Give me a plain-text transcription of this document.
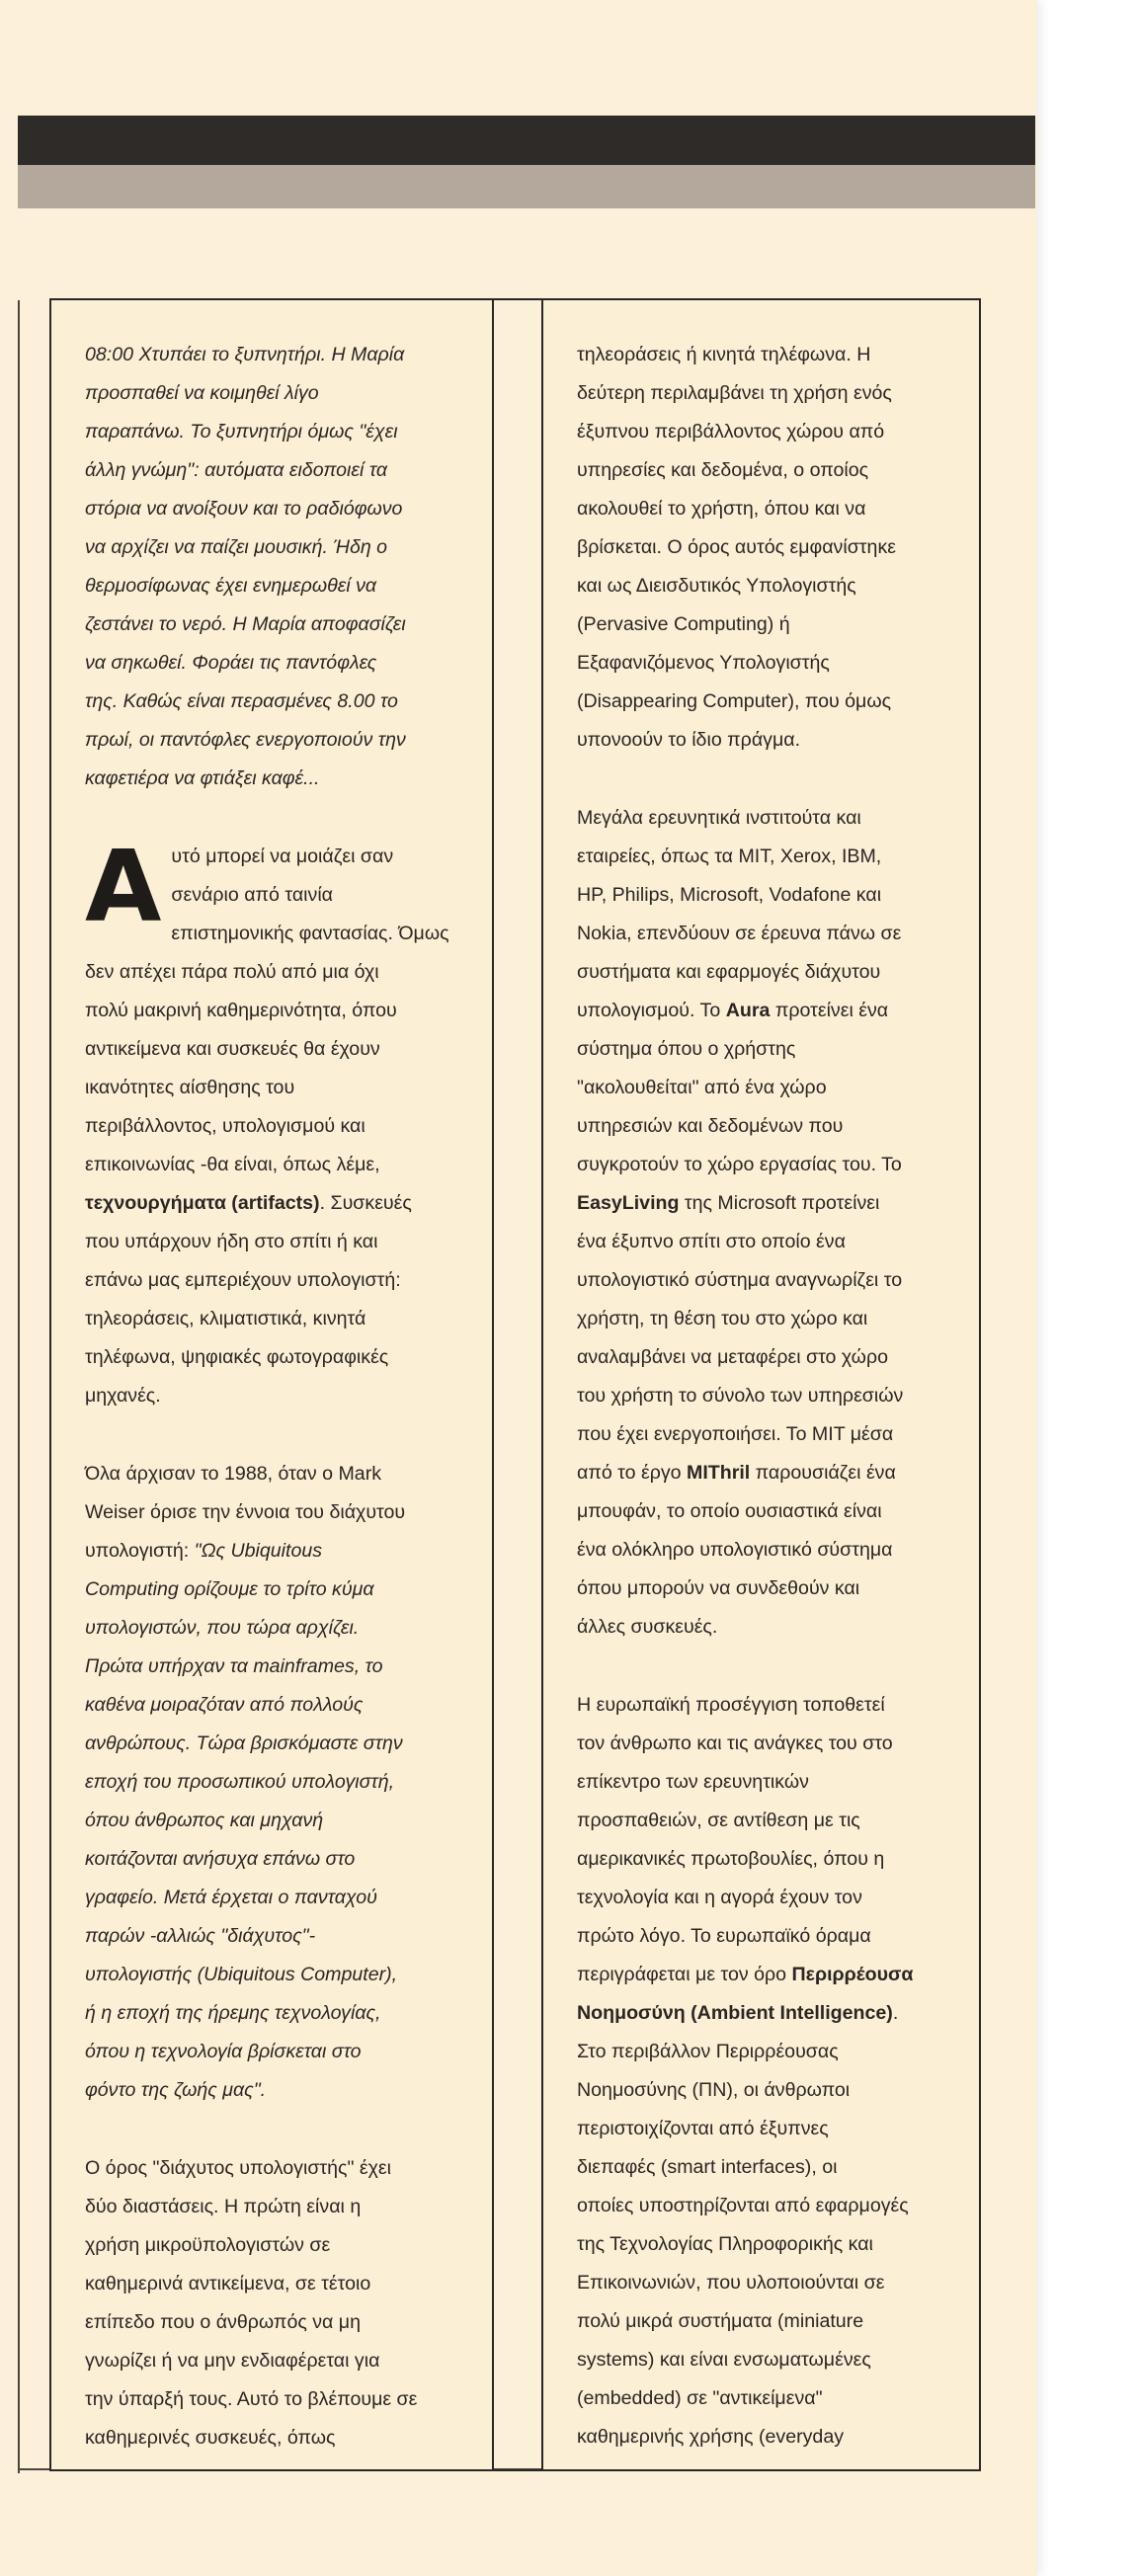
08:00 Χτυπάει το ξυπνητήρι. Η Μαρία
προσπαθεί να κοιμηθεί λίγο
παραπάνω. Το ξυπνητήρι όμως "έχει
άλλη γνώμη": αυτόματα ειδοποιεί τα
στόρια να ανοίξουν και το ραδιόφωνο
να αρχίζει να παίζει μουσική. Ήδη ο
θερμοσίφωνας έχει ενημερωθεί να
ζεστάνει το νερό. Η Μαρία αποφασίζει
να σηκωθεί. Φοράει τις παντόφλες
της. Καθώς είναι περασμένες 8.00 το
πρωί, οι παντόφλες ενεργοποιούν την
καφετιέρα να φτιάξει καφέ...

Αυτό μπορεί να μοιάζει σαν
σενάριο από ταινία
επιστημονικής φαντασίας. Όμως
δεν απέχει πάρα πολύ από μια όχι
πολύ μακρινή καθημερινότητα, όπου
αντικείμενα και συσκευές θα έχουν
ικανότητες αίσθησης του
περιβάλλοντος, υπολογισμού και
επικοινωνίας -θα είναι, όπως λέμε,
τεχνουργήματα (artifacts). Συσκευές
που υπάρχουν ήδη στο σπίτι ή και
επάνω μας εμπεριέχουν υπολογιστή:
τηλεοράσεις, κλιματιστικά, κινητά
τηλέφωνα, ψηφιακές φωτογραφικές
μηχανές.

Όλα άρχισαν το 1988, όταν ο Mark
Weiser όρισε την έννοια του διάχυτου
υπολογιστή: "Ως Ubiquitous
Computing ορίζουμε το τρίτο κύμα
υπολογιστών, που τώρα αρχίζει.
Πρώτα υπήρχαν τα mainframes, το
καθένα μοιραζόταν από πολλούς
ανθρώπους. Τώρα βρισκόμαστε στην
εποχή του προσωπικού υπολογιστή,
όπου άνθρωπος και μηχανή
κοιτάζονται ανήσυχα επάνω στο
γραφείο. Μετά έρχεται ο πανταχού
παρών -αλλιώς "διάχυτος"-
υπολογιστής (Ubiquitous Computer),
ή η εποχή της ήρεμης τεχνολογίας,
όπου η τεχνολογία βρίσκεται στο
φόντο της ζωής μας".

Ο όρος "διάχυτος υπολογιστής" έχει
δύο διαστάσεις. Η πρώτη είναι η
χρήση μικροϋπολογιστών σε
καθημερινά αντικείμενα, σε τέτοιο
επίπεδο που ο άνθρωπός να μη
γνωρίζει ή να μην ενδιαφέρεται για
την ύπαρξή τους. Αυτό το βλέπουμε σε
καθημερινές συσκευές, όπως

τηλεοράσεις ή κινητά τηλέφωνα. Η
δεύτερη περιλαμβάνει τη χρήση ενός
έξυπνου περιβάλλοντος χώρου από
υπηρεσίες και δεδομένα, ο οποίος
ακολουθεί το χρήστη, όπου και να
βρίσκεται. Ο όρος αυτός εμφανίστηκε
και ως Διεισδυτικός Υπολογιστής
(Pervasive Computing) ή
Εξαφανιζόμενος Υπολογιστής
(Disappearing Computer), που όμως
υπονοούν το ίδιο πράγμα.

Μεγάλα ερευνητικά ινστιτούτα και
εταιρείες, όπως τα MIT, Xerox, IBM,
HP, Philips, Microsoft, Vodafone και
Nokia, επενδύουν σε έρευνα πάνω σε
συστήματα και εφαρμογές διάχυτου
υπολογισμού. Το Aura προτείνει ένα
σύστημα όπου ο χρήστης
"ακολουθείται" από ένα χώρο
υπηρεσιών και δεδομένων που
συγκροτούν το χώρο εργασίας του. Το
EasyLiving της Microsoft προτείνει
ένα έξυπνο σπίτι στο οποίο ένα
υπολογιστικό σύστημα αναγνωρίζει το
χρήστη, τη θέση του στο χώρο και
αναλαμβάνει να μεταφέρει στο χώρο
του χρήστη το σύνολο των υπηρεσιών
που έχει ενεργοποιήσει. Το MIT μέσα
από το έργο MIThril παρουσιάζει ένα
μπουφάν, το οποίο ουσιαστικά είναι
ένα ολόκληρο υπολογιστικό σύστημα
όπου μπορούν να συνδεθούν και
άλλες συσκευές.

Η ευρωπαϊκή προσέγγιση τοποθετεί
τον άνθρωπο και τις ανάγκες του στο
επίκεντρο των ερευνητικών
προσπαθειών, σε αντίθεση με τις
αμερικανικές πρωτοβουλίες, όπου η
τεχνολογία και η αγορά έχουν τον
πρώτο λόγο. Το ευρωπαϊκό όραμα
περιγράφεται με τον όρο Περιρρέουσα
Νοημοσύνη (Ambient Intelligence).
Στο περιβάλλον Περιρρέουσας
Νοημοσύνης (ΠΝ), οι άνθρωποι
περιστοιχίζονται από έξυπνες
διεπαφές (smart interfaces), οι
οποίες υποστηρίζονται από εφαρμογές
της Τεχνολογίας Πληροφορικής και
Επικοινωνιών, που υλοποιούνται σε
πολύ μικρά συστήματα (miniature
systems) και είναι ενσωματωμένες
(embedded) σε "αντικείμενα"
καθημερινής χρήσης (everyday
